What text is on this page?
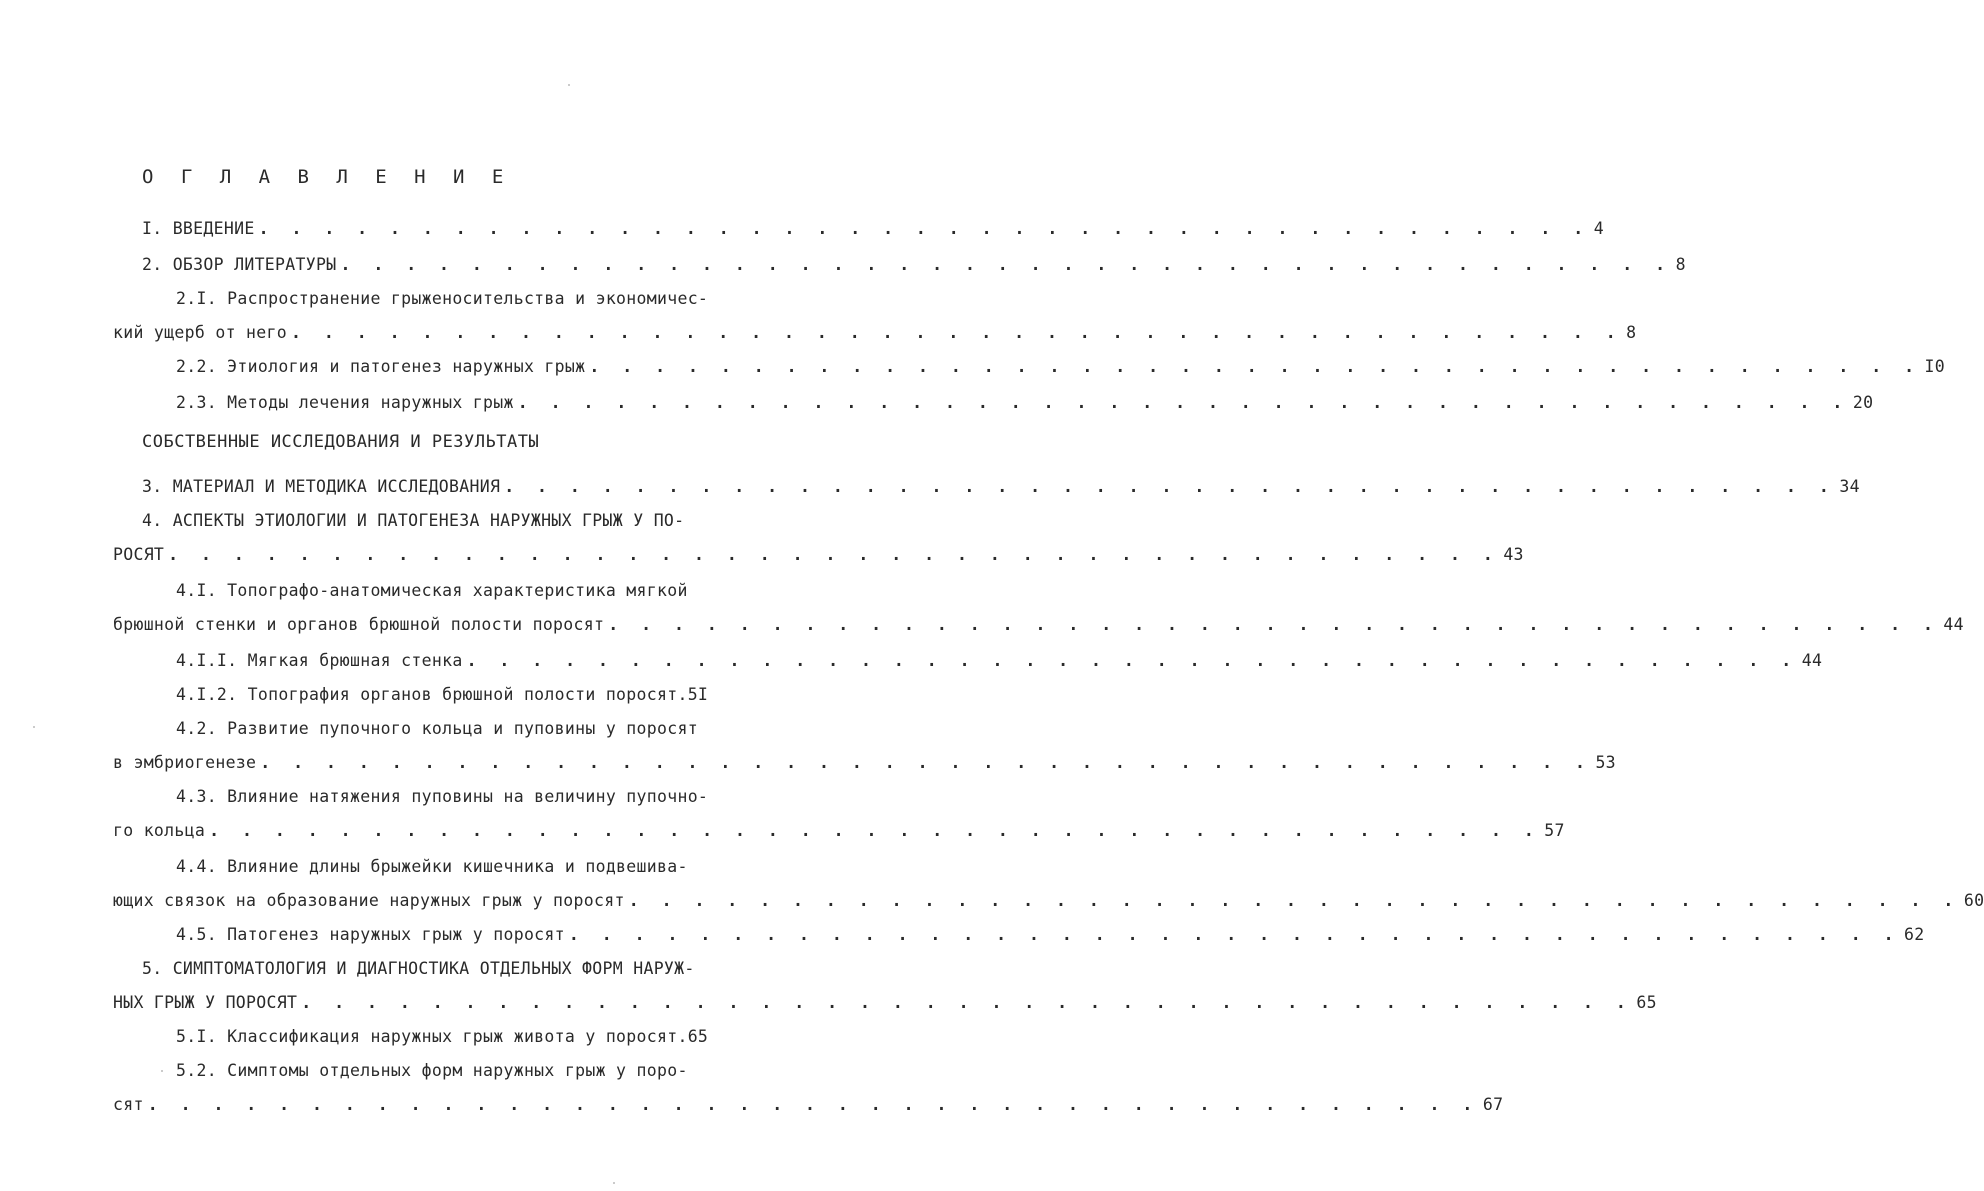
О Г Л А В Л Е Н И Е
I. ВВЕДЕНИЕ . . . . . . . . . . . . . . . . . . . . . . . . . . . . . . . . . . . . . . . . . 4
2. ОБЗОР ЛИТЕРАТУРЫ . . . . . . . . . . . . . . . . . . . . . . . . . . . . . . . . . . . . . . . . . 8
2.I. Распространение грыженосительства и экономичес-
кий ущерб от него . . . . . . . . . . . . . . . . . . . . . . . . . . . . . . . . . . . . . . . . . 8
2.2. Этиология и патогенез наружных грыж . . . . . . . . . . . . . . . . . . . . . . . . . . . . . . . . . . . . . . . . . I0
2.3. Методы лечения наружных грыж . . . . . . . . . . . . . . . . . . . . . . . . . . . . . . . . . . . . . . . . . 20
СОБСТВЕННЫЕ ИССЛЕДОВАНИЯ И РЕЗУЛЬТАТЫ
3. МАТЕРИАЛ И МЕТОДИКА ИССЛЕДОВАНИЯ . . . . . . . . . . . . . . . . . . . . . . . . . . . . . . . . . . . . . . . . . 34
4. АСПЕКТЫ ЭТИОЛОГИИ И ПАТОГЕНЕЗА НАРУЖНЫХ ГРЫЖ У ПО-
РОСЯТ . . . . . . . . . . . . . . . . . . . . . . . . . . . . . . . . . . . . . . . . . 43
4.I. Топографо-анатомическая характеристика мягкой
брюшной стенки и органов брюшной полости поросят . . . . . . . . . . . . . . . . . . . . . . . . . . . . . . . . . . . . . . . . . 44
4.I.I. Мягкая брюшная стенка . . . . . . . . . . . . . . . . . . . . . . . . . . . . . . . . . . . . . . . . . 44
4.I.2. Топография органов брюшной полости поросят.5I
4.2. Развитие пупочного кольца и пуповины у поросят
в эмбриогенезе . . . . . . . . . . . . . . . . . . . . . . . . . . . . . . . . . . . . . . . . . 53
4.3. Влияние натяжения пуповины на величину пупочно-
го кольца . . . . . . . . . . . . . . . . . . . . . . . . . . . . . . . . . . . . . . . . . 57
4.4. Влияние длины брыжейки кишечника и подвешива-
ющих связок на образование наружных грыж у поросят . . . . . . . . . . . . . . . . . . . . . . . . . . . . . . . . . . . . . . . . . 60
4.5. Патогенез наружных грыж у поросят . . . . . . . . . . . . . . . . . . . . . . . . . . . . . . . . . . . . . . . . . 62
5. СИМПТОМАТОЛОГИЯ И ДИАГНОСТИКА ОТДЕЛЬНЫХ ФОРМ НАРУЖ-
НЫХ ГРЫЖ У ПОРОСЯТ . . . . . . . . . . . . . . . . . . . . . . . . . . . . . . . . . . . . . . . . . 65
5.I. Классификация наружных грыж живота у поросят.65
5.2. Симптомы отдельных форм наружных грыж у поро-
сят . . . . . . . . . . . . . . . . . . . . . . . . . . . . . . . . . . . . . . . . . 67
